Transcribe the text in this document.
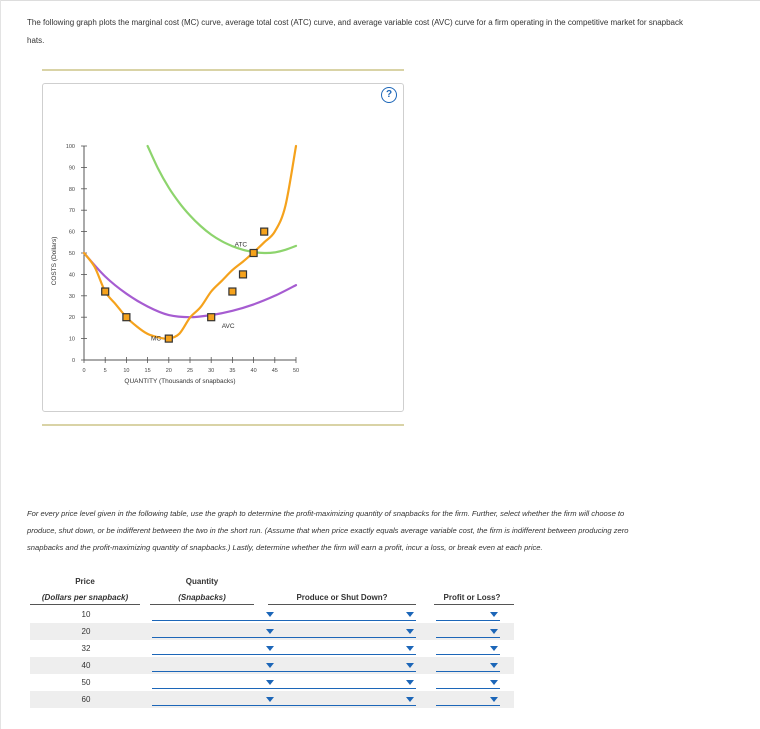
The following graph plots the marginal cost (MC) curve, average total cost (ATC) curve, and average variable cost (AVC) curve for a firm operating in the competitive market for snapback hats.
?
0
10
20
30
40
50
60
70
80
90
100
0	5	10	15	20	25	30	35	40	45	50
QUANTITY (Thousands of snapbacks)
COSTS (Dollars)	ATC
AVC
MC
For every price level given in the following table, use the graph to determine the profit-maximizing quantity of snapbacks for the firm. Further, select whether the firm will choose to produce, shut down, or be indifferent between the two in the short run. (Assume that when price exactly equals average variable cost, the firm is indifferent between producing zero snapbacks and the profit-maximizing quantity of snapbacks.) Lastly, determine whether the firm will earn a profit, incur a loss, or break even at each price.
Price
(Dollars per snapback)
Quantity
(Snapbacks)	Produce or Shut Down?	Profit or Loss?
10
20
32
40
50
60
